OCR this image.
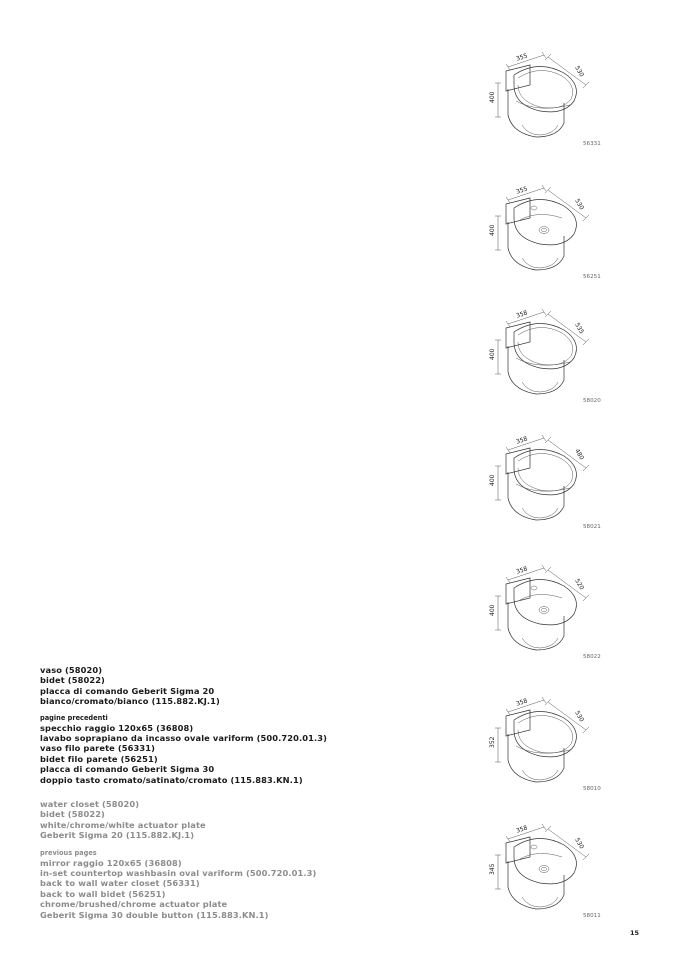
vaso (58020)
bidet (58022)
placca di comando Geberit Sigma 20
bianco/cromato/bianco (115.882.KJ.1)
pagine precedenti
specchio raggio 120x65 (36808)
lavabo soprapiano da incasso ovale variform (500.720.01.3)
vaso filo parete (56331)
bidet filo parete (56251)
placca di comando Geberit Sigma 30
doppio tasto cromato/satinato/cromato (115.883.KN.1)
water closet (58020)
bidet (58022)
white/chrome/white actuator plate
Geberit Sigma 20 (115.882.KJ.1)
previous pages
mirror raggio 120x65 (36808)
in-set countertop washbasin oval variform (500.720.01.3)
back to wall water closet (56331)
back to wall bidet (56251)
chrome/brushed/chrome actuator plate
Geberit Sigma 30 double button (115.883.KN.1)
355
530
400
56331
355
530
400
56251
358
535
400
58020
358
480
400
58021
358
520
400
58022
358
530
352
58010
358
530
345
58011
15
